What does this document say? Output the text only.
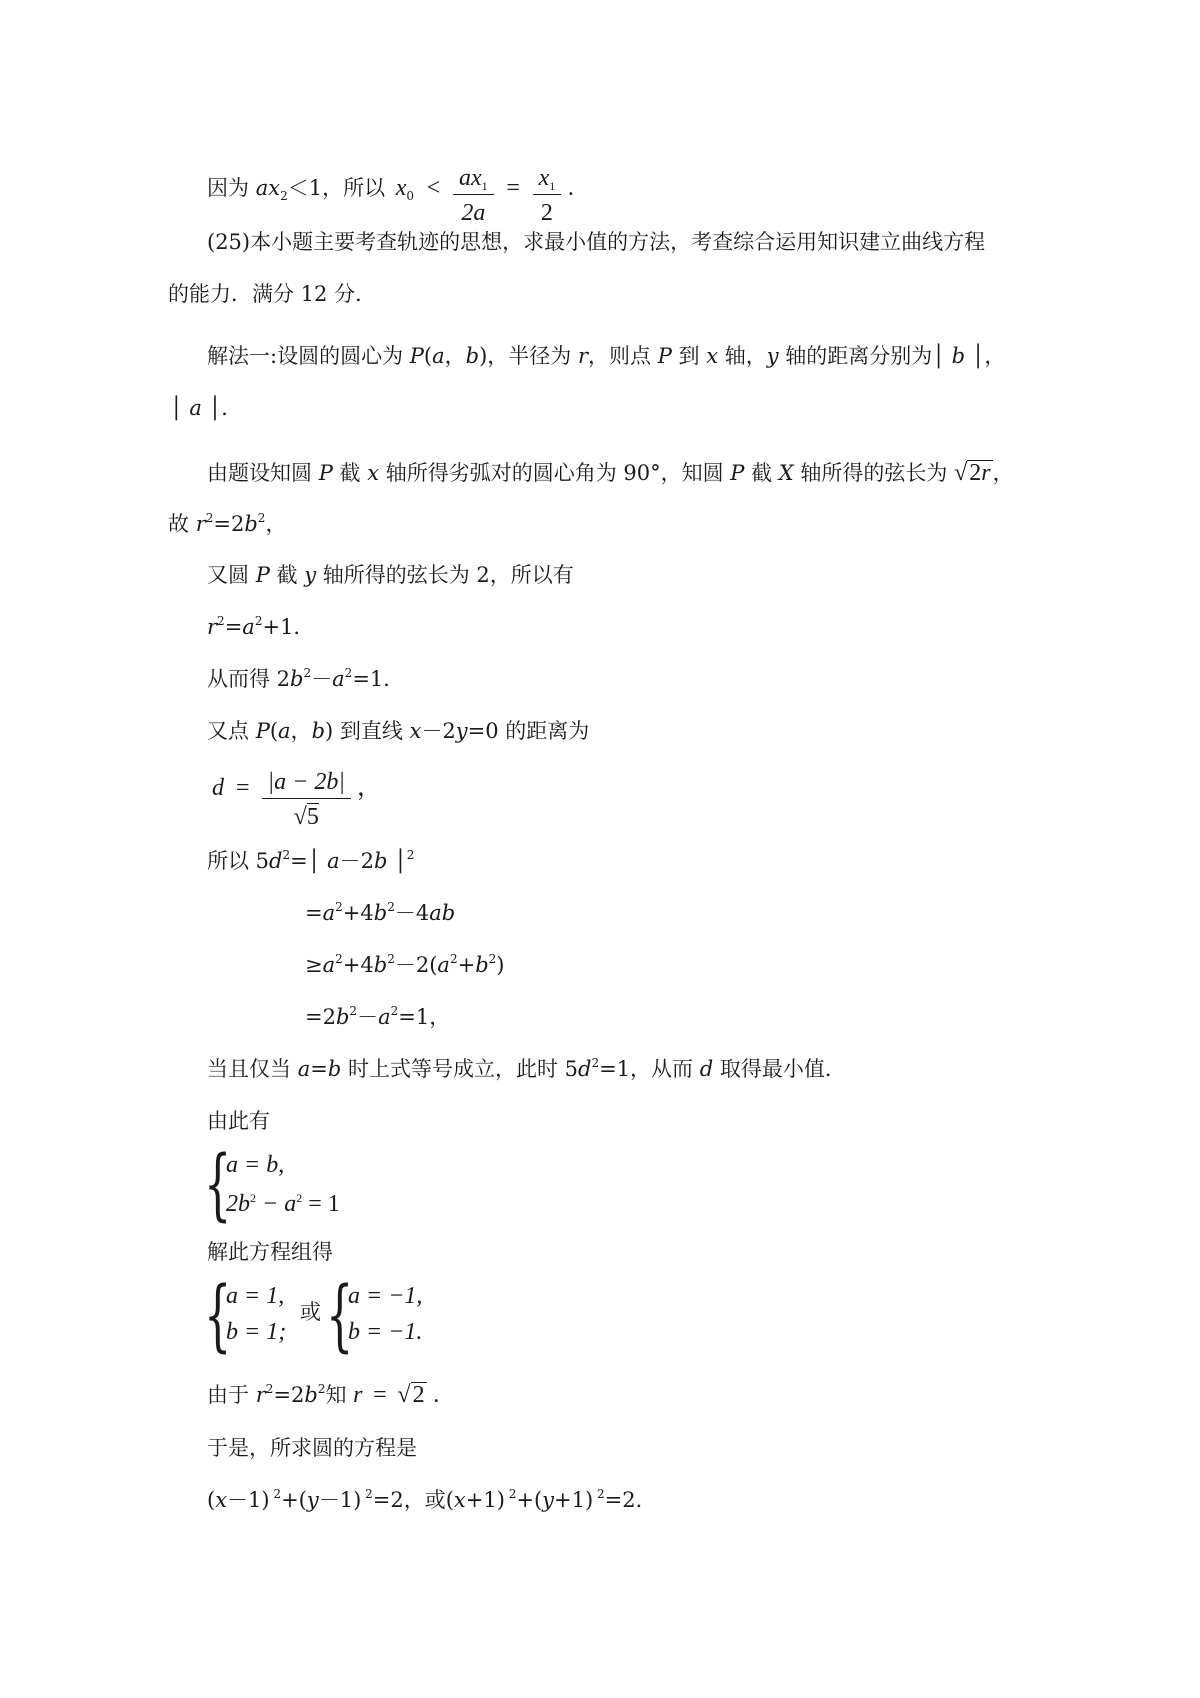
因为 $ax_2<1$，所以 $x_0 < \frac{ax_1}{2a} = \frac{x_1}{2}$ .
(25)本小题主要考查轨迹的思想，求最小值的方法，考查综合运用知识建立曲线方程
的能力．满分 12 分．
解法一:设圆的圆心为 P(a，b)，半径为 r，则点 P 到 x 轴，y 轴的距离分别为│ b │，
│ a │．
由题设知圆 P 截 x 轴所得劣弧对的圆心角为 90°，知圆 P 截 X 轴所得的弦长为 √2r，
故 $r^2=2b^2$，
又圆 P 截 y 轴所得的弦长为 2，所以有
$r^2=a^2+1$．
从而得 $2b^2-a^2=1$．
又点 P(a，b) 到直线 x－2y=0 的距离为
$d = \frac{|a - 2b|}{√5}$ ，
所以 $5d^2=│$ a－2b │$^2$
$=a^2+4b^2-4ab$
$\ge a^2+4b^2-2(a^2+b^2)$
$=2b^2-a^2=1$，
当且仅当 a=b 时上式等号成立，此时 $5d^2=1$，从而 d 取得最小值．
由此有
{
a = b,
$2b^2 - a^2 = 1$
解此方程组得
{
a = 1,
b = 1;
或 {
a = −1,
b = −1.
由于 $r^2=2b^2$知 r = √2 .
于是，所求圆的方程是
(x－1) $^2$+(y－1) $^2$=2，或(x+1) $^2$+(y+1) $^2$=2．
